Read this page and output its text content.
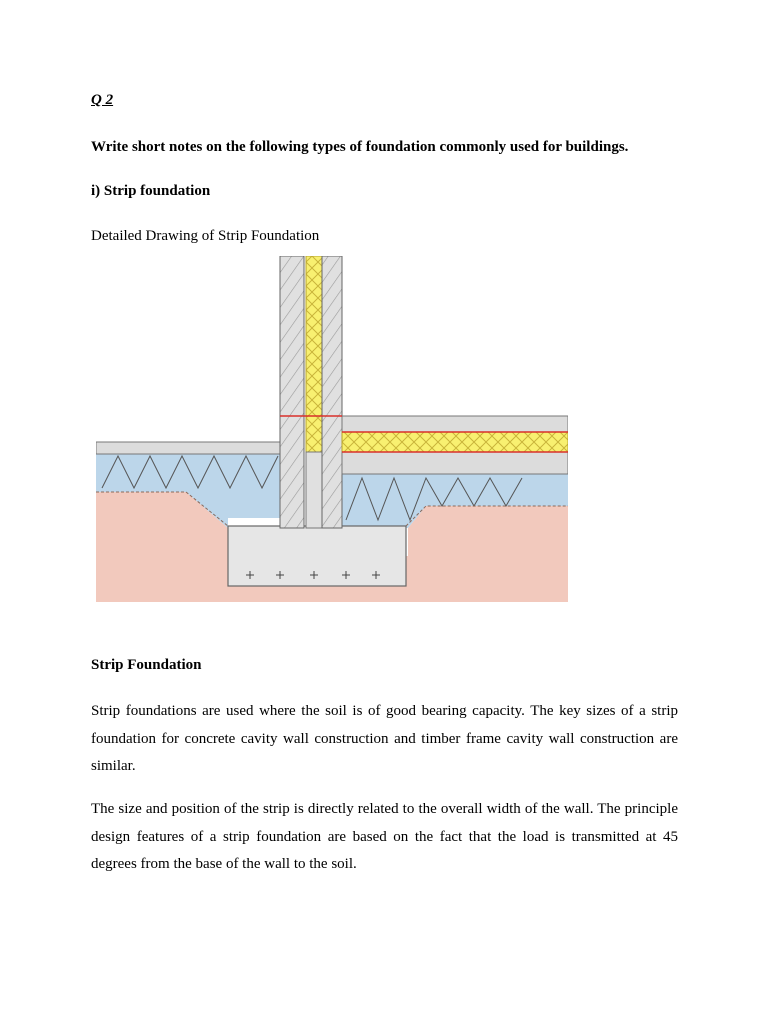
Q 2
Write short notes on the following types of foundation commonly used for buildings.
i) Strip foundation
Detailed Drawing of Strip Foundation
Strip Foundation

Strip foundations are used where the soil is of good bearing capacity. The key sizes of a strip foundation for concrete cavity wall construction and timber frame cavity wall construction are similar.

The size and position of the strip is directly related to the overall width of the wall. The principle design features of a strip foundation are based on the fact that the load is transmitted at 45 degrees from the base of the wall to the soil.
